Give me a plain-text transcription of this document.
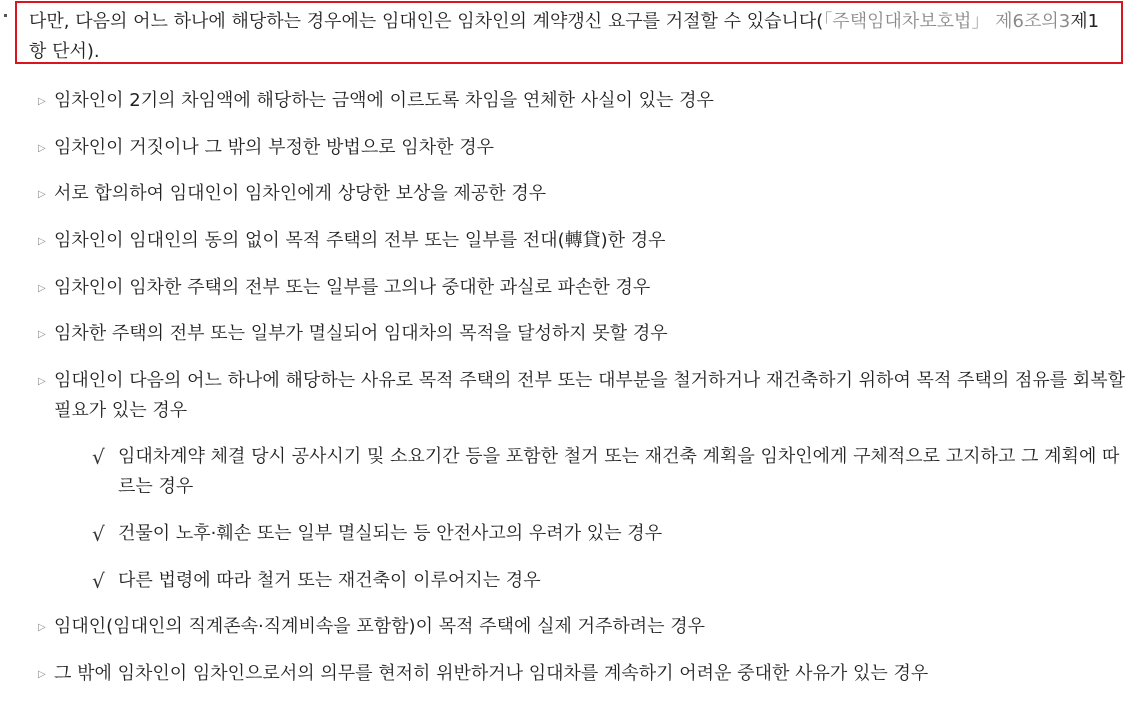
다만, 다음의 어느 하나에 해당하는 경우에는 임대인은 임차인의 계약갱신 요구를 거절할 수 있습니다(「주택임대차보호법」 제6조의3제1항 단서).
▷ 임차인이 2기의 차임액에 해당하는 금액에 이르도록 차임을 연체한 사실이 있는 경우
▷ 임차인이 거짓이나 그 밖의 부정한 방법으로 임차한 경우
▷ 서로 합의하여 임대인이 임차인에게 상당한 보상을 제공한 경우
▷ 임차인이 임대인의 동의 없이 목적 주택의 전부 또는 일부를 전대(轉貸)한 경우
▷ 임차인이 임차한 주택의 전부 또는 일부를 고의나 중대한 과실로 파손한 경우
▷ 임차한 주택의 전부 또는 일부가 멸실되어 임대차의 목적을 달성하지 못할 경우
▷ 임대인이 다음의 어느 하나에 해당하는 사유로 목적 주택의 전부 또는 대부분을 철거하거나 재건축하기 위하여 목적 주택의 점유를 회복할 필요가 있는 경우
√ 임대차계약 체결 당시 공사시기 및 소요기간 등을 포함한 철거 또는 재건축 계획을 임차인에게 구체적으로 고지하고 그 계획에 따르는 경우
√ 건물이 노후·훼손 또는 일부 멸실되는 등 안전사고의 우려가 있는 경우
√ 다른 법령에 따라 철거 또는 재건축이 이루어지는 경우
▷ 임대인(임대인의 직계존속·직계비속을 포함함)이 목적 주택에 실제 거주하려는 경우
▷ 그 밖에 임차인이 임차인으로서의 의무를 현저히 위반하거나 임대차를 계속하기 어려운 중대한 사유가 있는 경우
